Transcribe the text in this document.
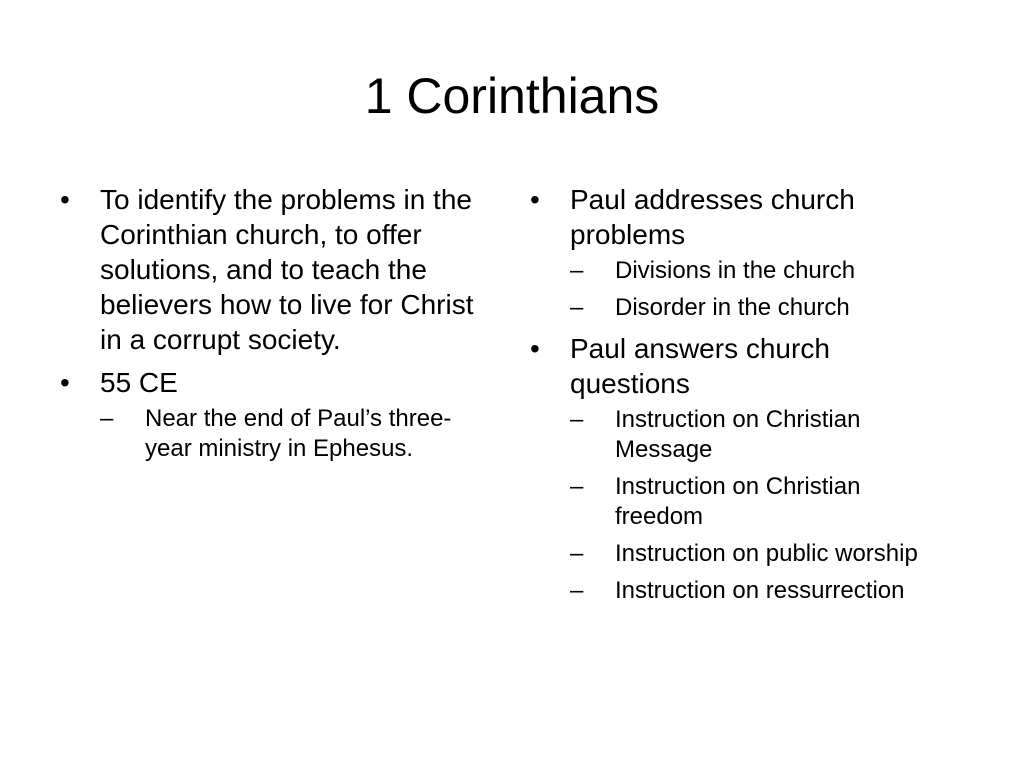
1 Corinthians
•	To identify the problems in the Corinthian church, to offer solutions, and to teach the believers how to live for Christ in a corrupt society.
•	55 CE
–	Near the end of Paul’s three-year ministry in Ephesus.
•	Paul addresses church problems
–	Divisions in the church
–	Disorder in the church
•	Paul answers church questions
–	Instruction on Christian Message
–	Instruction on Christian freedom
–	Instruction on public worship
–	Instruction on ressurrection
